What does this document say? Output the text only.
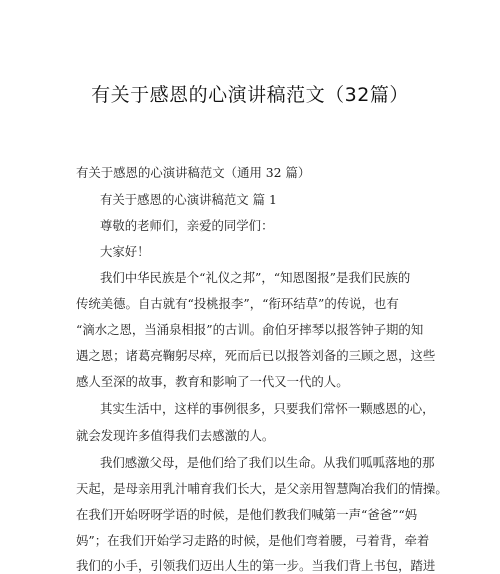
有关于感恩的心演讲稿范文（32篇）
有关于感恩的心演讲稿范文（通用 32 篇）
有关于感恩的心演讲稿范文 篇 1
尊敬的老师们，亲爱的同学们：
大家好！
我们中华民族是个“礼仪之邦”，“知恩图报”是我们民族的
传统美德。自古就有“投桃报李”，“衔环结草”的传说，也有
“滴水之恩，当涌泉相报”的古训。俞伯牙摔琴以报答钟子期的知
遇之恩；诸葛亮鞠躬尽瘁，死而后已以报答刘备的三顾之恩，这些
感人至深的故事，教育和影响了一代又一代的人。
其实生活中，这样的事例很多，只要我们常怀一颗感恩的心，
就会发现许多值得我们去感激的人。
我们感激父母，是他们给了我们以生命。从我们呱呱落地的那
天起，是母亲用乳汁哺育我们长大，是父亲用智慧陶冶我们的情操。
在我们开始呀呀学语的时候，是他们教我们喊第一声“爸爸”“妈
妈”；在我们开始学习走路的时候，是他们弯着腰，弓着背，牵着
我们的小手，引领我们迈出人生的第一步。当我们背上书包，踏进
